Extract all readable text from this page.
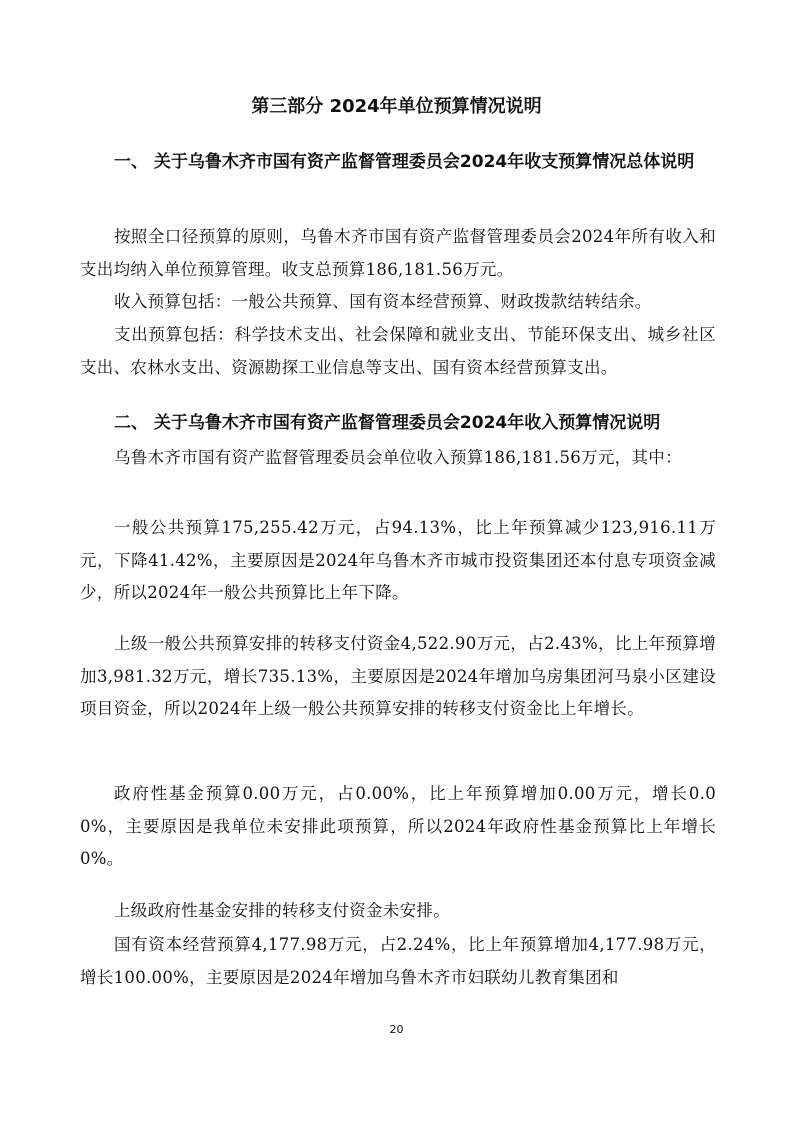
第三部分 2024年单位预算情况说明
一、 关于乌鲁木齐市国有资产监督管理委员会2024年收支预算情况总体说明

按照全口径预算的原则，乌鲁木齐市国有资产监督管理委员会2024年所有收入和支出均纳入单位预算管理。收支总预算186,181.56万元。

收入预算包括：一般公共预算、国有资本经营预算、财政拨款结转结余。

支出预算包括：科学技术支出、社会保障和就业支出、节能环保支出、城乡社区支出、农林水支出、资源勘探工业信息等支出、国有资本经营预算支出。

二、 关于乌鲁木齐市国有资产监督管理委员会2024年收入预算情况说明

乌鲁木齐市国有资产监督管理委员会单位收入预算186,181.56万元，其中：

一般公共预算175,255.42万元，占94.13%，比上年预算减少123,916.11万元，下降41.42%，主要原因是2024年乌鲁木齐市城市投资集团还本付息专项资金减少，所以2024年一般公共预算比上年下降。

上级一般公共预算安排的转移支付资金4,522.90万元，占2.43%，比上年预算增加3,981.32万元，增长735.13%，主要原因是2024年增加乌房集团河马泉小区建设项目资金，所以2024年上级一般公共预算安排的转移支付资金比上年增长。

政府性基金预算0.00万元，占0.00%，比上年预算增加0.00万元，增长0.00%，主要原因是我单位未安排此项预算，所以2024年政府性基金预算比上年增长0%。

上级政府性基金安排的转移支付资金未安排。

国有资本经营预算4,177.98万元，占2.24%，比上年预算增加4,177.98万元，增长100.00%，主要原因是2024年增加乌鲁木齐市妇联幼儿教育集团和

20
